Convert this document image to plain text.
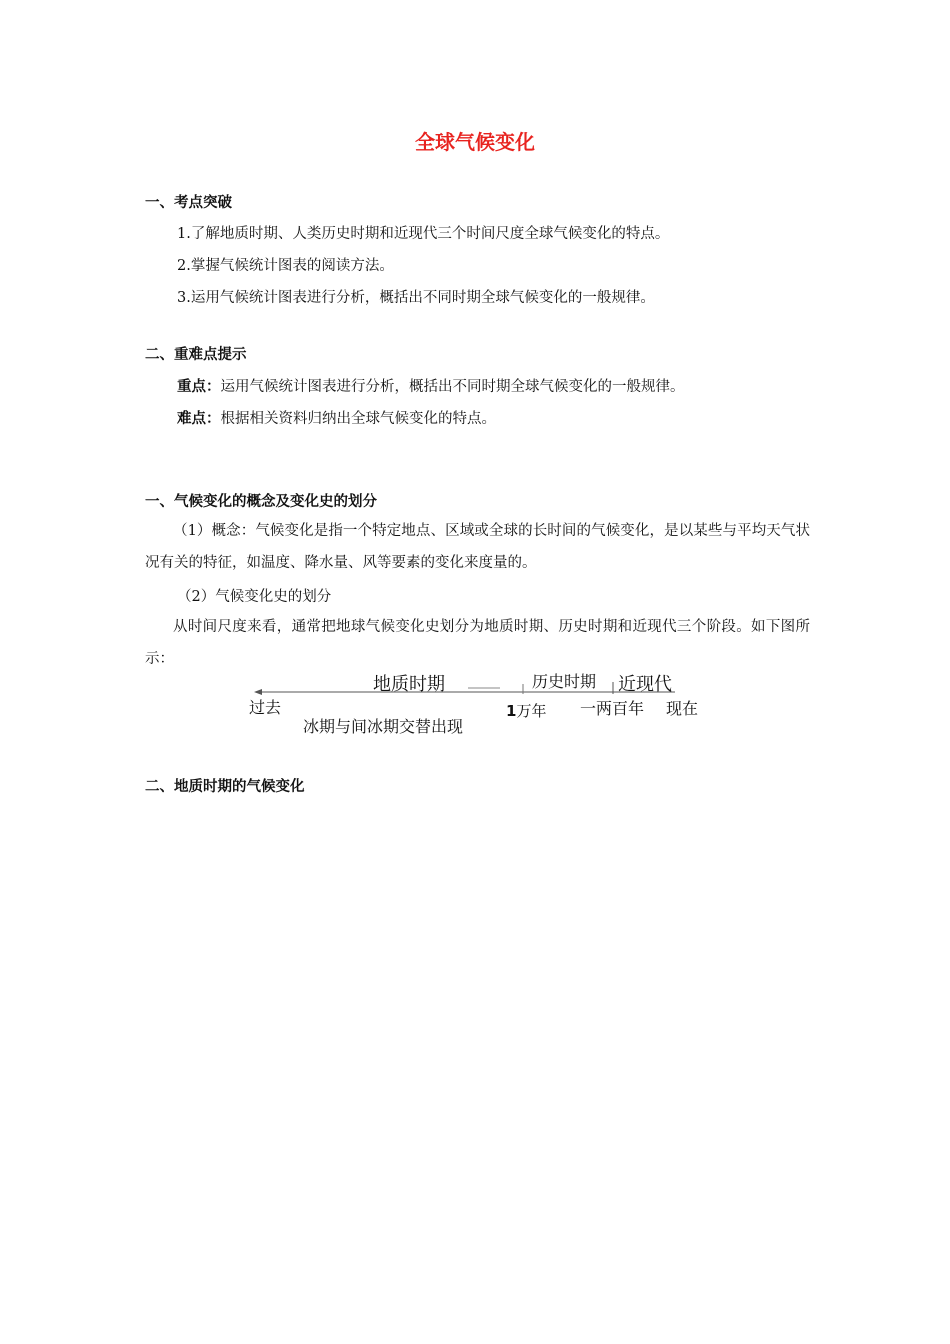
全球气候变化
一、考点突破
1.了解地质时期、人类历史时期和近现代三个时间尺度全球气候变化的特点。
2.掌握气候统计图表的阅读方法。
3.运用气候统计图表进行分析，概括出不同时期全球气候变化的一般规律。
二、重难点提示
重点：运用气候统计图表进行分析，概括出不同时期全球气候变化的一般规律。
难点：根据相关资料归纳出全球气候变化的特点。
一、气候变化的概念及变化史的划分
（1）概念：气候变化是指一个特定地点、区域或全球的长时间的气候变化，是以某些与平均天气状况有关的特征，如温度、降水量、风等要素的变化来度量的。
（2）气候变化史的划分
从时间尺度来看，通常把地球气候变化史划分为地质时期、历史时期和近现代三个阶段。如下图所示：
地质时期	历史时期 近现代
过去	1万年 一两百年 现在
冰期与间冰期交替出现
二、地质时期的气候变化
